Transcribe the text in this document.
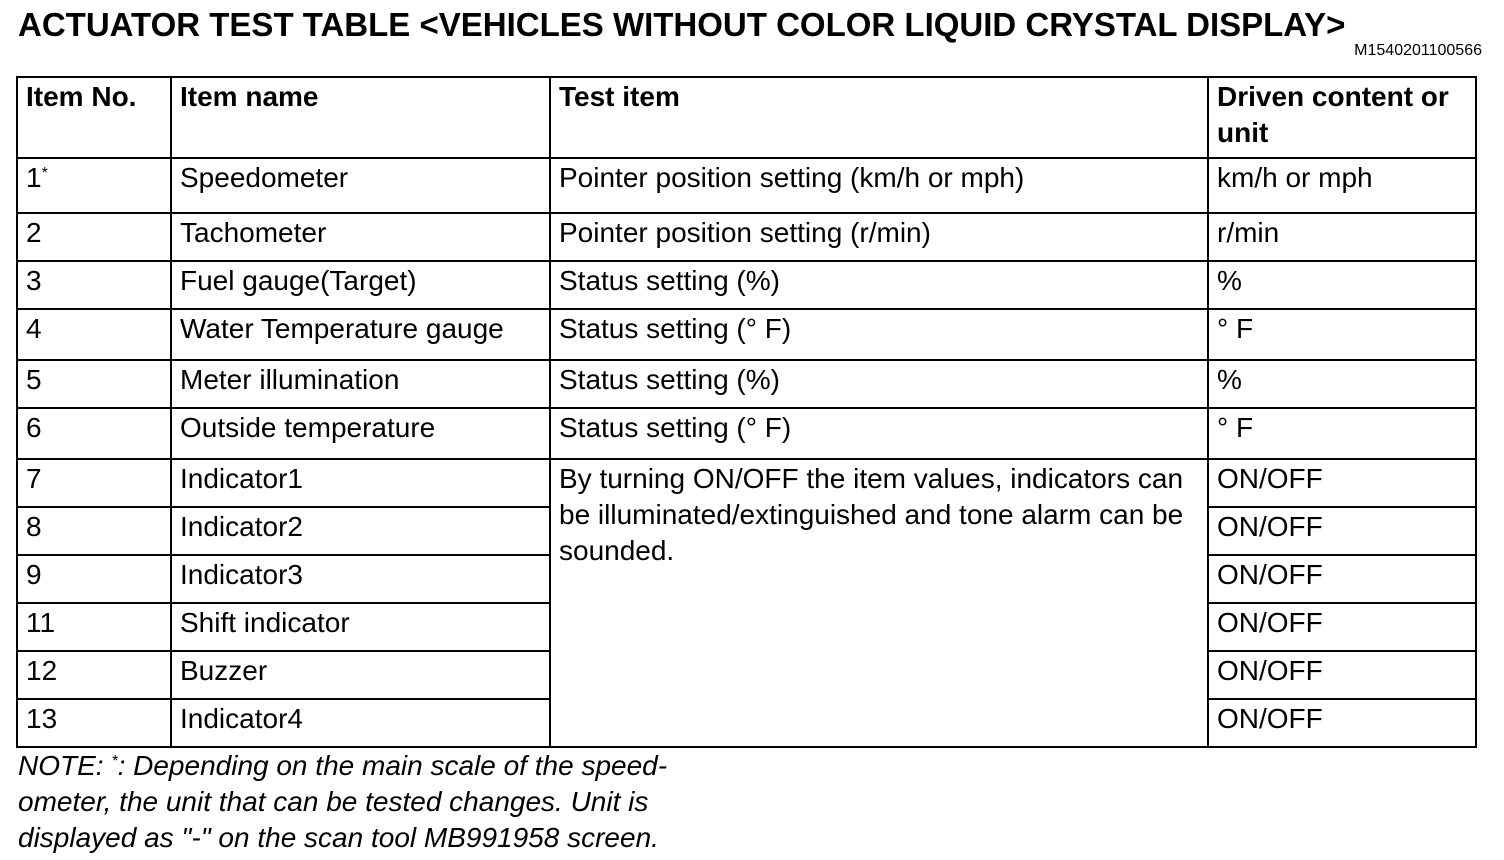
ACTUATOR TEST TABLE <VEHICLES WITHOUT COLOR LIQUID CRYSTAL DISPLAY>
M1540201100566
Item No.	Item name	Test item	Driven content or unit
1*	Speedometer	Pointer position setting (km/h or mph)	km/h or mph
2	Tachometer	Pointer position setting (r/min)	r/min
3	Fuel gauge(Target)	Status setting (%)	%
4	Water Temperature gauge	Status setting (° F)	° F
5	Meter illumination	Status setting (%)	%
6	Outside temperature	Status setting (° F)	° F
7	Indicator1	By turning ON/OFF the item values, indicators can be illuminated/extinguished and tone alarm can be sounded.	ON/OFF
8	Indicator2		ON/OFF
9	Indicator3		ON/OFF
11	Shift indicator		ON/OFF
12	Buzzer		ON/OFF
13	Indicator4		ON/OFF
NOTE: *: Depending on the main scale of the speed-ometer, the unit that can be tested changes. Unit is displayed as "-" on the scan tool MB991958 screen.
